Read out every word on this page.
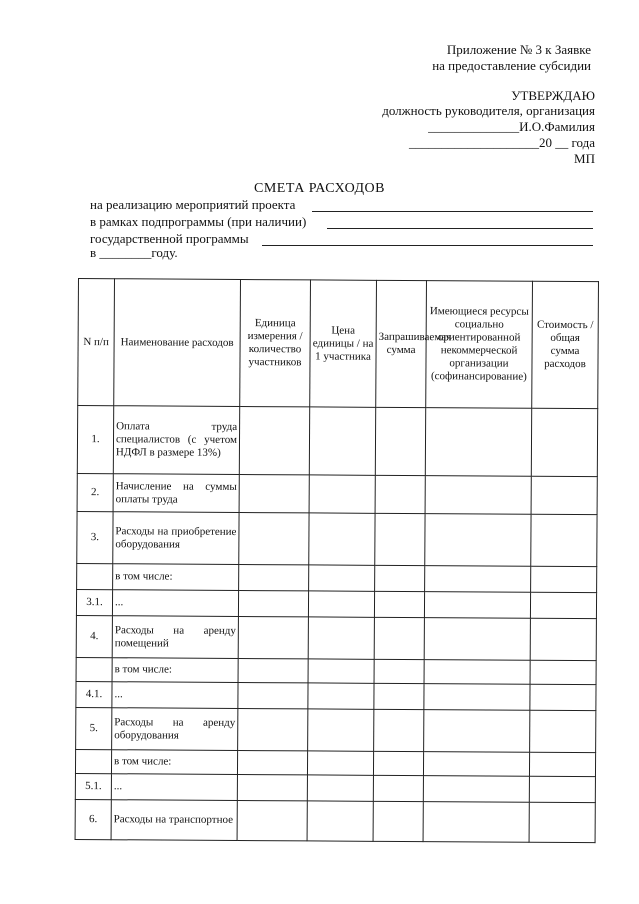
Приложение № 3 к Заявке
на предоставление субсидии
УТВЕРЖДАЮ
должность руководителя, организация
______________И.О.Фамилия
____________________20 __ года
МП
СМЕТА РАСХОДОВ
на реализацию мероприятий проекта
в рамках подпрограммы (при наличии)
государственной программы
в ________году.
N п/п	Наименование расходов	Единица измерения / количество участников	Цена единицы / на 1 участника	Запрашиваемая сумма	Имеющиеся ресурсы социально ориентированной некоммерческой организации (софинансирование)	Стоимость / общая сумма расходов
1.	Оплата труда специалистов (с учетом НДФЛ в размере 13%)					
2.	Начисление на суммы оплаты труда					
3.	Расходы на приобретение оборудования					
	в том числе:					
3.1.	...					
4.	Расходы на аренду помещений					
	в том числе:					
4.1.	...					
5.	Расходы на аренду оборудования					
	в том числе:					
5.1.	...					
6.	Расходы на транспортное					
